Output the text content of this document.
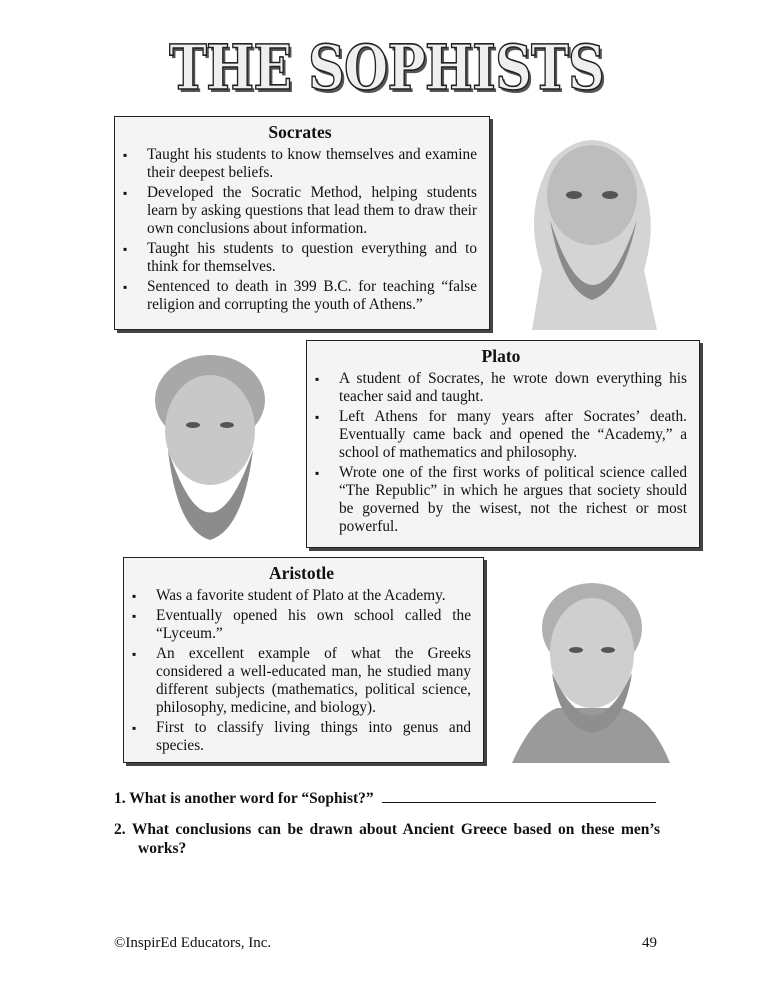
THE SOPHISTS
Socrates
▪ Taught his students to know themselves and examine their deepest beliefs.
▪ Developed the Socratic Method, helping students learn by asking questions that lead them to draw their own conclusions about information.
▪ Taught his students to question everything and to think for themselves.
▪ Sentenced to death in 399 B.C. for teaching “false religion and corrupting the youth of Athens.”
Plato
▪ A student of Socrates, he wrote down everything his teacher said and taught.
▪ Left Athens for many years after Socrates’ death. Eventually came back and opened the “Academy,” a school of mathematics and philosophy.
▪ Wrote one of the first works of political science called “The Republic” in which he argues that society should be governed by the wisest, not the richest or most powerful.
Aristotle
▪ Was a favorite student of Plato at the Academy.
▪ Eventually opened his own school called the “Lyceum.”
▪ An excellent example of what the Greeks considered a well-educated man, he studied many different subjects (mathematics, political science, philosophy, medicine, and biology).
▪ First to classify living things into genus and species.
1. What is another word for “Sophist?”
2. What conclusions can be drawn about Ancient Greece based on these men’s works?
©InspirEd Educators, Inc.	49
